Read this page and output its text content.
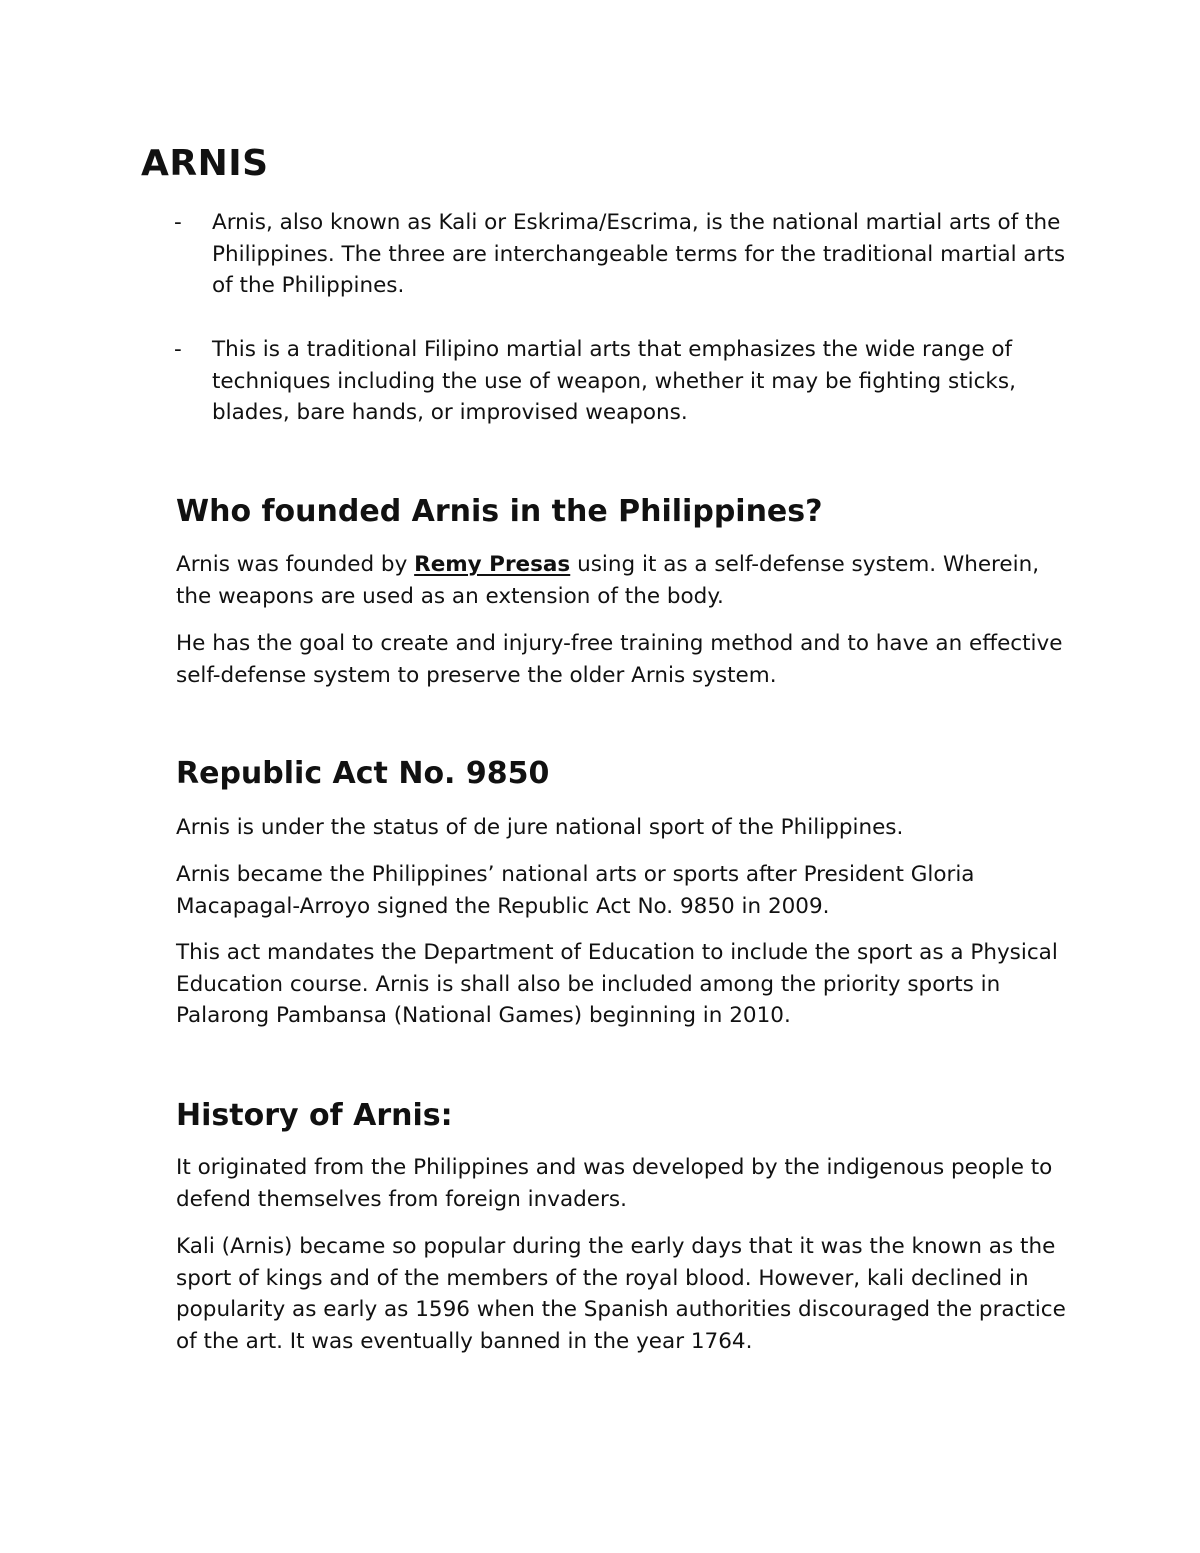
ARNIS
- Arnis, also known as Kali or Eskrima/Escrima, is the national martial arts of the Philippines. The three are interchangeable terms for the traditional martial arts of the Philippines.
- This is a traditional Filipino martial arts that emphasizes the wide range of techniques including the use of weapon, whether it may be fighting sticks, blades, bare hands, or improvised weapons.
Who founded Arnis in the Philippines?

Arnis was founded by Remy Presas using it as a self-defense system. Wherein, the weapons are used as an extension of the body.

He has the goal to create and injury-free training method and to have an effective self-defense system to preserve the older Arnis system.

Republic Act No. 9850

Arnis is under the status of de jure national sport of the Philippines.

Arnis became the Philippines’ national arts or sports after President Gloria Macapagal-Arroyo signed the Republic Act No. 9850 in 2009.

This act mandates the Department of Education to include the sport as a Physical Education course. Arnis is shall also be included among the priority sports in Palarong Pambansa (National Games) beginning in 2010.

History of Arnis:

It originated from the Philippines and was developed by the indigenous people to defend themselves from foreign invaders.

Kali (Arnis) became so popular during the early days that it was the known as the sport of kings and of the members of the royal blood. However, kali declined in popularity as early as 1596 when the Spanish authorities discouraged the practice of the art. It was eventually banned in the year 1764.
